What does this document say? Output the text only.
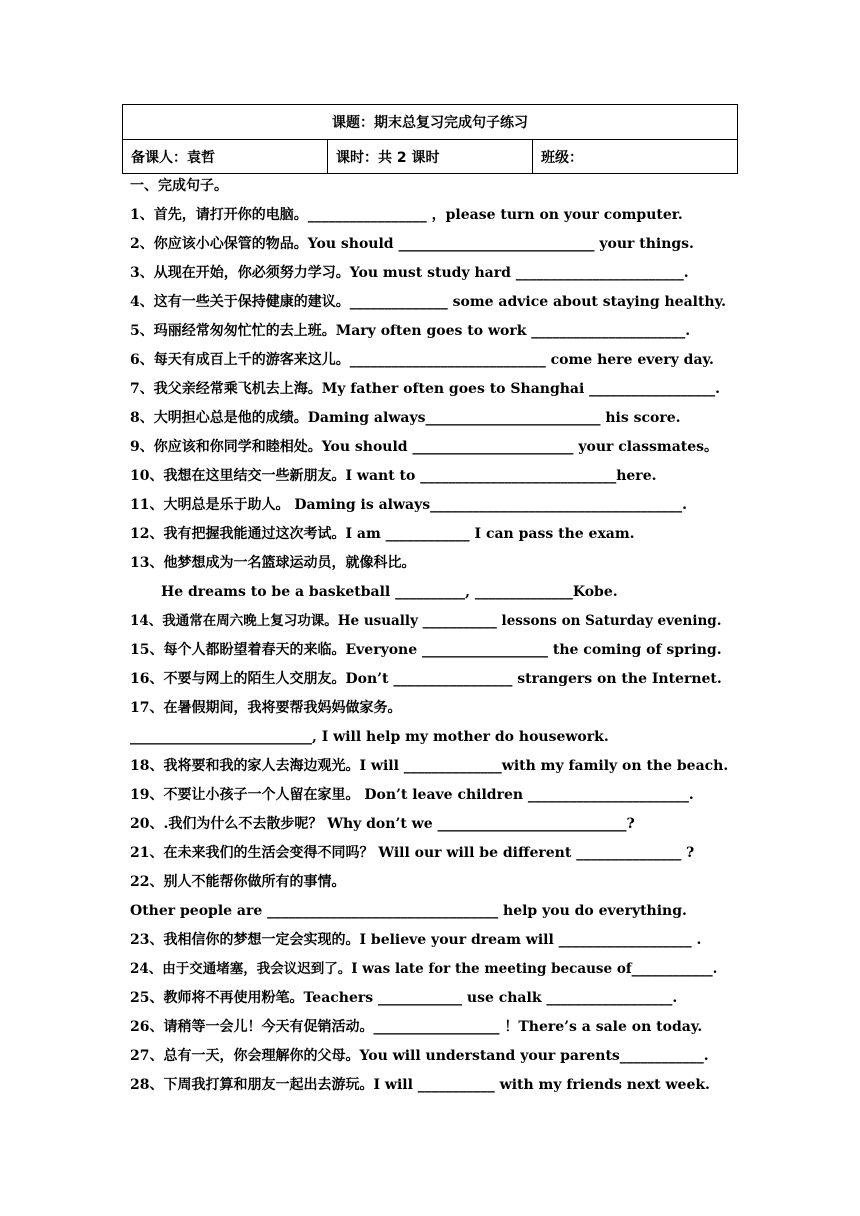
课题：期末总复习完成句子练习
备课人：袁哲	课时：共 2 课时	班级：
一、完成句子。
1、首先，请打开你的电脑。_________________ ，please turn on your computer.
2、你应该小心保管的物品。You should ____________________________ your things.
3、从现在开始，你必须努力学习。You must study hard ________________________.
4、这有一些关于保持健康的建议。______________ some advice about staying healthy.
5、玛丽经常匆匆忙忙的去上班。Mary often goes to work ______________________.
6、每天有成百上千的游客来这儿。____________________________ come here every day.
7、我父亲经常乘飞机去上海。My father often goes to Shanghai __________________.
8、大明担心总是他的成绩。Daming always_________________________ his score.
9、你应该和你同学和睦相处。You should _______________________ your classmates。
10、我想在这里结交一些新朋友。I want to ____________________________here.
11、大明总是乐于助人。 Daming is always____________________________________.
12、我有把握我能通过这次考试。I am ____________ I can pass the exam.
13、他梦想成为一名篮球运动员，就像科比。
He dreams to be a basketball __________, ______________Kobe.
14、我通常在周六晚上复习功课。He usually ___________ lessons on Saturday evening.
15、每个人都盼望着春天的来临。Everyone __________________ the coming of spring.
16、不要与网上的陌生人交朋友。Don’t _________________ strangers on the Internet.
17、在暑假期间，我将要帮我妈妈做家务。
__________________________, I will help my mother do housework.
18、我将要和我的家人去海边观光。I will ______________with my family on the beach.
19、不要让小孩子一个人留在家里。 Don’t leave children _______________________.
20、.我们为什么不去散步呢？ Why don’t we ___________________________?
21、在未来我们的生活会变得不同吗？ Will our will be different _______________ ?
22、别人不能帮你做所有的事情。
Other people are _________________________________ help you do everything.
23、我相信你的梦想一定会实现的。I believe your dream will ___________________ .
24、由于交通堵塞，我会议迟到了。I was late for the meeting because of____________.
25、教师将不再使用粉笔。Teachers ____________ use chalk __________________.
26、请稍等一会儿！今天有促销活动。__________________ ！There’s a sale on today.
27、总有一天，你会理解你的父母。You will understand your parents____________.
28、下周我打算和朋友一起出去游玩。I will ___________ with my friends next week.
